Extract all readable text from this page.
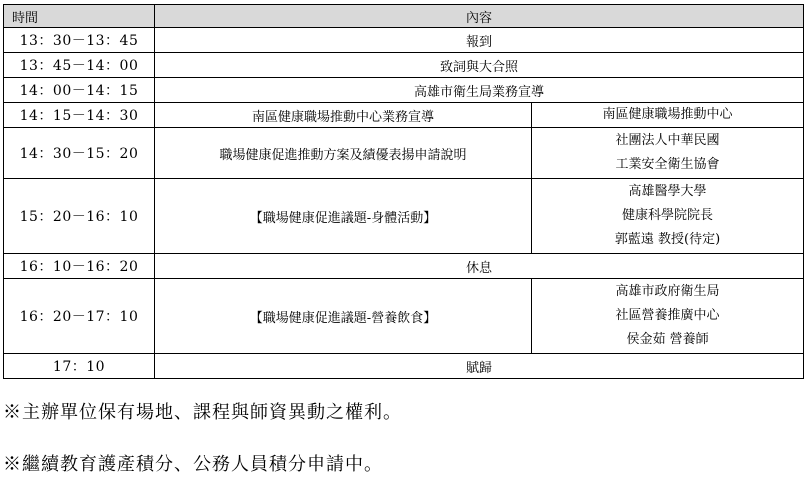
時間	內容	
13：30－13：45	報到	
13：45－14：00	致詞與大合照	
14：00－14：15	高雄市衛生局業務宣導	
14：15－14：30	南區健康職場推動中心業務宣導	南區健康職場推動中心

14：30－15：20	職場健康促進推動方案及績優表揚申請說明	社團法人中華民國
工業安全衛生協會

15：20－16：10	【職場健康促進議題-身體活動】	高雄醫學大學
健康科學院院長
郭藍遠 教授(待定)

16：10－16：20	休息	
16：20－17：10	【職場健康促進議題-營養飲食】	高雄市政府衛生局
社區營養推廣中心
侯金茹 營養師

17：10	賦歸	
※主辦單位保有場地、課程與師資異動之權利。
※繼續教育護產積分、公務人員積分申請中。
